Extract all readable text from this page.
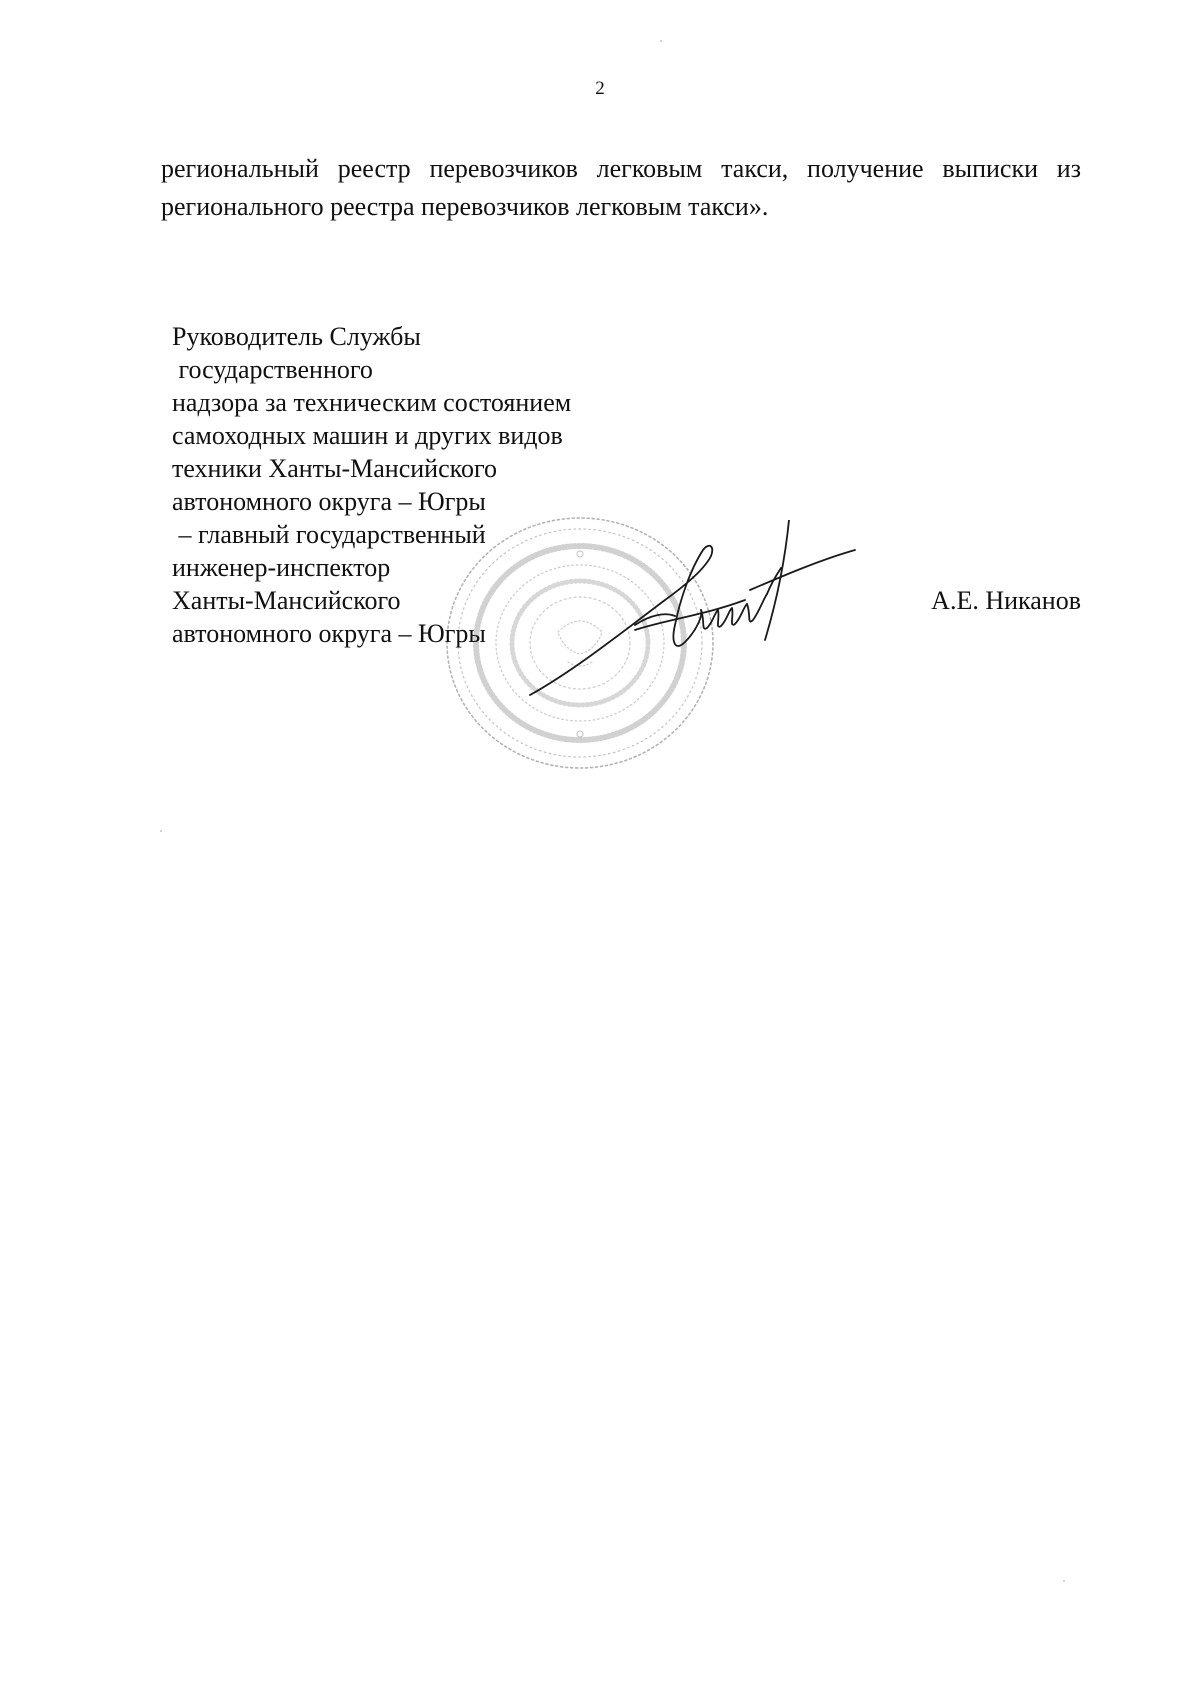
2
региональный реестр перевозчиков легковым такси, получение выписки из
регионального реестра перевозчиков легковым такси».
Руководитель Службы
государственного
надзора за техническим состоянием
самоходных машин и других видов
техники Ханты-Мансийского
автономного округа – Югры
– главный государственный
инженер-инспектор
Ханты-Мансийского
автономного округа – Югры
А.Е. Никанов
